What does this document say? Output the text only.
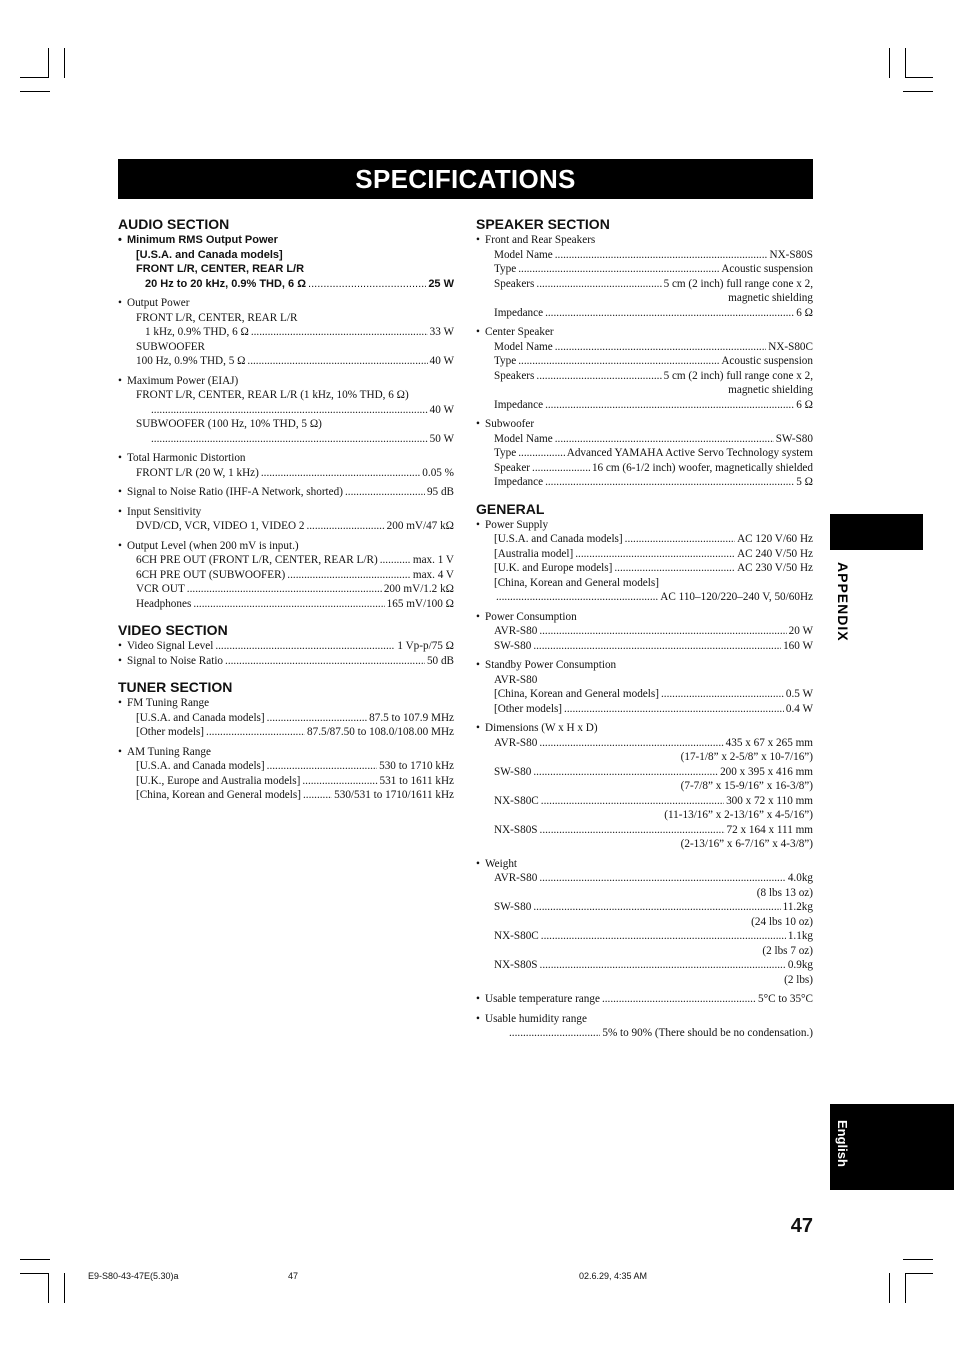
SPECIFICATIONS
AUDIO SECTION
• Minimum RMS Output Power
[U.S.A. and Canada models]
FRONT L/R, CENTER, REAR L/R
20 Hz to 20 kHz, 0.9% THD, 6 Ω .....	25 W
• Output Power
FRONT L/R, CENTER, REAR L/R
1 kHz, 0.9% THD, 6 Ω .....	33 W
SUBWOOFER
100 Hz, 0.9% THD, 5 Ω .....	40 W
• Maximum Power (EIAJ)
FRONT L/R, CENTER, REAR L/R (1 kHz, 10% THD, 6 Ω)
.....
40 W
SUBWOOFER (100 Hz, 10% THD, 5 Ω)
.....
50 W
• Total Harmonic Distortion
FRONT L/R (20 W, 1 kHz) .....	0.05 %
• Signal to Noise Ratio (IHF-A Network, shorted) .....	95 dB
• Input Sensitivity
DVD/CD, VCR, VIDEO 1, VIDEO 2 .....	200 mV/47 kΩ
• Output Level (when 200 mV is input.)
6CH PRE OUT (FRONT L/R, CENTER, REAR L/R) .....	max. 1 V
6CH PRE OUT (SUBWOOFER) .....	max. 4 V
VCR OUT .....	200 mV/1.2 kΩ
Headphones .....	165 mV/100 Ω
VIDEO SECTION
• Video Signal Level .....	1 Vp-p/75 Ω
• Signal to Noise Ratio .....	50 dB
TUNER SECTION
• FM Tuning Range
[U.S.A. and Canada models] .....	87.5 to 107.9 MHz
[Other models] .....	87.5/87.50 to 108.0/108.00 MHz
• AM Tuning Range
[U.S.A. and Canada models] .....	530 to 1710 kHz
[U.K., Europe and Australia models] .....	531 to 1611 kHz
[China, Korean and General models] .....	530/531 to 1710/1611 kHz
SPEAKER SECTION
• Front and Rear Speakers
Model Name .....	NX-S80S
Type .....	Acoustic suspension
Speakers .....	5 cm (2 inch) full range cone x 2,
magnetic shielding
Impedance .....	6 Ω
• Center Speaker
Model Name .....	NX-S80C
Type .....	Acoustic suspension
Speakers .....	5 cm (2 inch) full range cone x 2,
magnetic shielding
Impedance .....	6 Ω
• Subwoofer
Model Name .....	SW-S80
Type .....	Advanced YAMAHA Active Servo Technology system
Speaker .....	16 cm (6-1/2 inch) woofer, magnetically shielded
Impedance .....	5 Ω
GENERAL
• Power Supply
[U.S.A. and Canada models] .....	AC 120 V/60 Hz
[Australia model] .....	AC 240 V/50 Hz
[U.K. and Europe models] .....	AC 230 V/50 Hz
[China, Korean and General models]
.....
AC 110–120/220–240 V, 50/60Hz
• Power Consumption
AVR-S80 .....	20 W
SW-S80 .....	160 W
• Standby Power Consumption
AVR-S80
[China, Korean and General models] .....	0.5 W
[Other models] .....	0.4 W
• Dimensions (W x H x D)
AVR-S80 .....	435 x 67 x 265 mm
(17-1/8” x 2-5/8” x 10-7/16”)
SW-S80 .....	200 x 395 x 416 mm
(7-7/8” x 15-9/16” x 16-3/8”)
NX-S80C .....	300 x 72 x 110 mm
(11-13/16” x 2-13/16” x 4-5/16”)
NX-S80S .....	72 x 164 x 111 mm
(2-13/16” x 6-7/16” x 4-3/8”)
• Weight
AVR-S80 .....	4.0kg
(8 lbs 13 oz)
SW-S80 .....	11.2kg
(24 lbs 10 oz)
NX-S80C .....	1.1kg
(2 lbs 7 oz)
NX-S80S .....	0.9kg
(2 lbs)
• Usable temperature range .....	5°C to 35°C
• Usable humidity range
.....
5% to 90% (There should be no condensation.)
APPENDIX
English
47
E9-S80-43-47E(5.30)a	47	02.6.29, 4:35 AM
